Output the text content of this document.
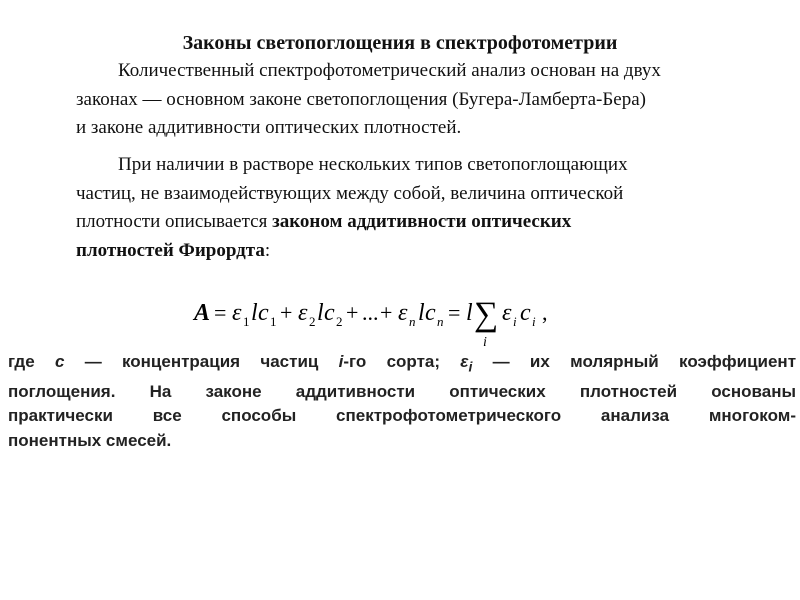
Законы светопоглощения в спектрофотометрии
Количественный спектрофотометрический анализ основан на двух
законах — основном законе светопоглощения (Бугера-Ламберта-Бера)
и законе аддитивности оптических плотностей.
При наличии в растворе нескольких типов светопоглощающих
частиц, не взаимодействующих между собой, величина оптической
плотности описывается законом аддитивности оптических
плотностей Фирордта:
A = ε 1 l c 1 + ε 2 l c 2 + ... + ε n l c n = l ∑
i
ε i c i ,
где c — концентрация частиц i-го сорта; $\varepsilon_i$ — их молярный коэффициент
поглощения. На законе аддитивности оптических плотностей основаны
практически все способы спектрофотометрического анализа многоком-
понентных смесей.
